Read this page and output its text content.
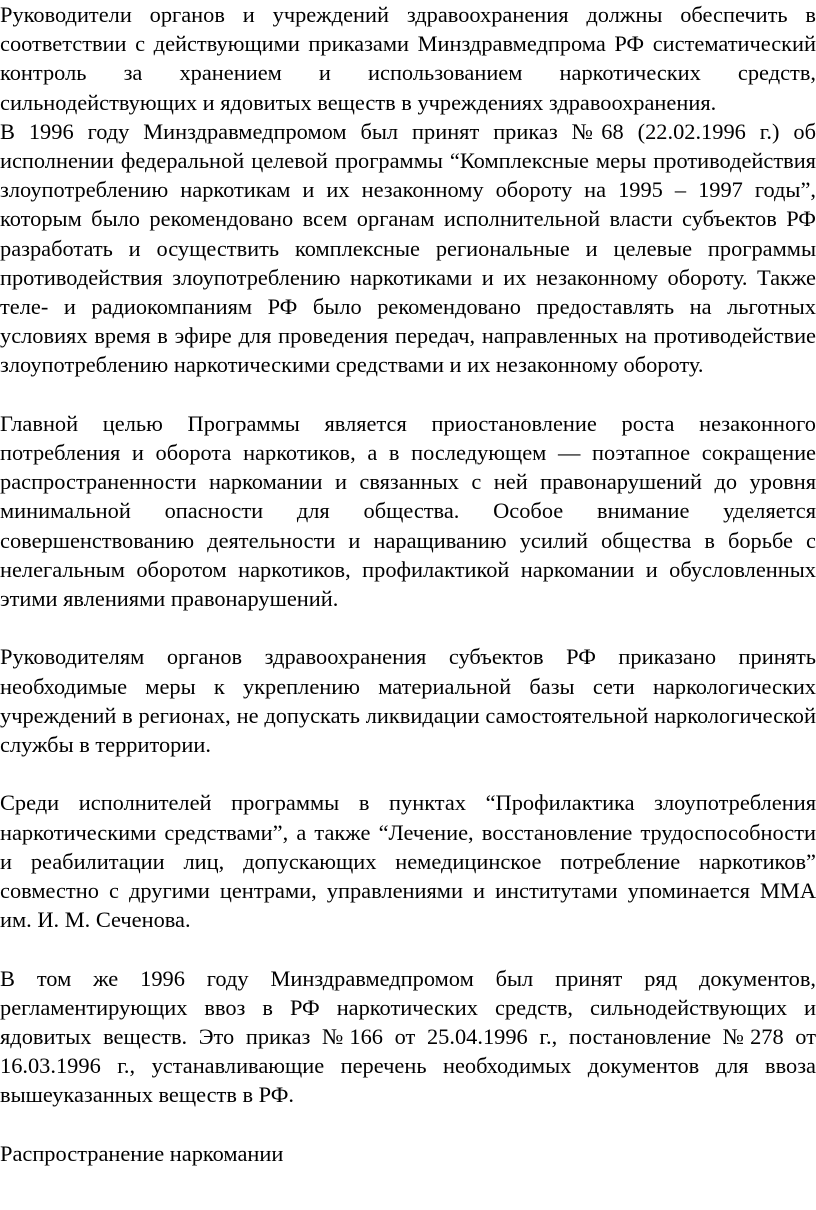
Руководители органов и учреждений здравоохранения должны обеспечить в соответствии с действующими приказами Минздравмедпрома РФ систематический контроль за хранением и использованием наркотических средств, сильнодействующих и ядовитых веществ в учреждениях здравоохранения.

В 1996 году Минздравмедпромом был принят приказ №68 (22.02.1996 г.) об исполнении федеральной целевой программы “Комплексные меры противодействия злоупотреблению наркотикам и их незаконному обороту на 1995 – 1997 годы”, которым было рекомендовано всем органам исполнительной власти субъектов РФ разработать и осуществить комплексные региональные и целевые программы противодействия злоупотреблению наркотиками и их незаконному обороту. Также теле- и радиокомпаниям РФ было рекомендовано предоставлять на льготных условиях время в эфире для проведения передач, направленных на противодействие злоупотреблению наркотическими средствами и их незаконному обороту.

Главной целью Программы является приостановление роста незаконного потребления и оборота наркотиков, а в последующем — поэтапное сокращение распространенности наркомании и связанных с ней правонарушений до уровня минимальной опасности для общества. Особое внимание уделяется совершенствованию деятельности и наращиванию усилий общества в борьбе с нелегальным оборотом наркотиков, профилактикой наркомании и обусловленных этими явлениями правонарушений.

Руководителям органов здравоохранения субъектов РФ приказано принять необходимые меры к укреплению материальной базы сети наркологических учреждений в регионах, не допускать ликвидации самостоятельной наркологической службы в территории.

Среди исполнителей программы в пунктах “Профилактика злоупотребления наркотическими средствами”, а также “Лечение, восстановление трудоспособности и реабилитации лиц, допускающих немедицинское потребление наркотиков” совместно с другими центрами, управлениями и институтами упоминается ММА им. И. М. Сеченова.

В том же 1996 году Минздравмедпромом был принят ряд документов, регламентирующих ввоз в РФ наркотических средств, сильнодействующих и ядовитых веществ. Это приказ №166 от 25.04.1996 г., постановление №278 от 16.03.1996 г., устанавливающие перечень необходимых документов для ввоза вышеуказанных веществ в РФ.

Распространение наркомании
